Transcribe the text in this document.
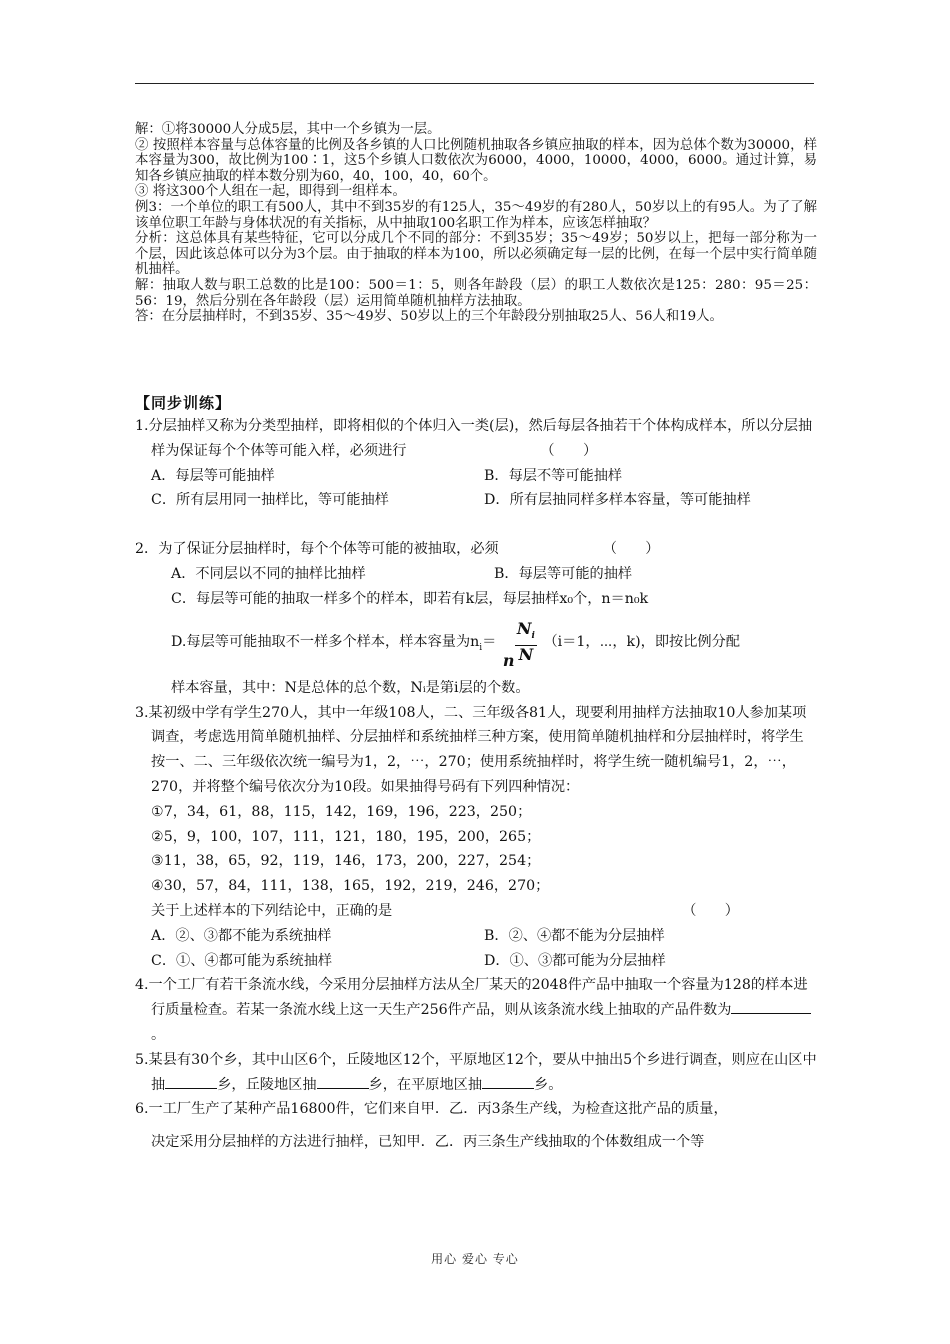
解：①将30000人分成5层，其中一个乡镇为一层。

② 按照样本容量与总体容量的比例及各乡镇的人口比例随机抽取各乡镇应抽取的样本，因为总体个数为30000，样本容量为300，故比例为100∶1，这5个乡镇人口数依次为6000，4000，10000，4000，6000。通过计算，易知各乡镇应抽取的样本数分别为60，40，100，40，60个。

③ 将这300个人组在一起，即得到一组样本。

例3：一个单位的职工有500人，其中不到35岁的有125人，35～49岁的有280人，50岁以上的有95人。为了了解该单位职工年龄与身体状况的有关指标，从中抽取100名职工作为样本，应该怎样抽取？

分析：这总体具有某些特征，它可以分成几个不同的部分：不到35岁；35～49岁；50岁以上，把每一部分称为一个层，因此该总体可以分为3个层。由于抽取的样本为100，所以必须确定每一层的比例，在每一个层中实行简单随机抽样。

解：抽取人数与职工总数的比是100：500＝1：5，则各年龄段（层）的职工人数依次是125：280：95＝25：56：19，然后分别在各年龄段（层）运用简单随机抽样方法抽取。

答：在分层抽样时，不到35岁、35～49岁、50岁以上的三个年龄段分别抽取25人、56人和19人。

【同步训练】

1.分层抽样又称为分类型抽样，即将相似的个体归入一类(层)，然后每层各抽若干个体构成样本，所以分层抽样为保证每个个体等可能入样，必须进行	（　　）

A．每层等可能抽样	B．每层不等可能抽样
C．所有层用同一抽样比，等可能抽样	D．所有层抽同样多样本容量，等可能抽样

2．为了保证分层抽样时，每个个体等可能的被抽取，必须	（　　）

A．不同层以不同的抽样比抽样	B．每层等可能的抽样
C．每层等可能的抽取一样多个的样本，即若有k层，每层抽样x₀个，n＝n₀k
D.每层等可能抽取不一样多个样本，样本容量为$n_i=$
n
$N_i$
N
（i＝1，⋯，k)，即按比例分配
样本容量，其中：N是总体的总个数，Nᵢ是第i层的个数。

3.某初级中学有学生270人，其中一年级108人，二、三年级各81人，现要利用抽样方法抽取10人参加某项调查，考虑选用简单随机抽样、分层抽样和系统抽样三种方案，使用简单随机抽样和分层抽样时，将学生按一、二、三年级依次统一编号为1，2，⋯，270；使用系统抽样时，将学生统一随机编号1，2，⋯，270，并将整个编号依次分为10段。如果抽得号码有下列四种情况：

①7，34，61，88，115，142，169，196，223，250；
②5，9，100，107，111，121，180，195，200，265；
③11，38，65，92，119，146，173，200，227，254；
④30，57，84，111，138，165，192，219，246，270；
关于上述样本的下列结论中，正确的是	（　　）
A．②、③都不能为系统抽样	B．②、④都不能为分层抽样
C．①、④都可能为系统抽样	D．①、③都可能为分层抽样

4.一个工厂有若干条流水线，今采用分层抽样方法从全厂某天的2048件产品中抽取一个容量为128的样本进行质量检查。若某一条流水线上这一天生产256件产品，则从该条流水线上抽取的产品件数为。

5.某县有30个乡，其中山区6个，丘陵地区12个，平原地区12个，要从中抽出5个乡进行调查，则应在山区中抽	乡，丘陵地区抽	乡，在平原地区抽	乡。

6.一工厂生产了某种产品16800件，它们来自甲．乙．丙3条生产线，为检查这批产品的质量，

决定采用分层抽样的方法进行抽样，已知甲．乙．丙三条生产线抽取的个体数组成一个等
用心 爱心 专心
